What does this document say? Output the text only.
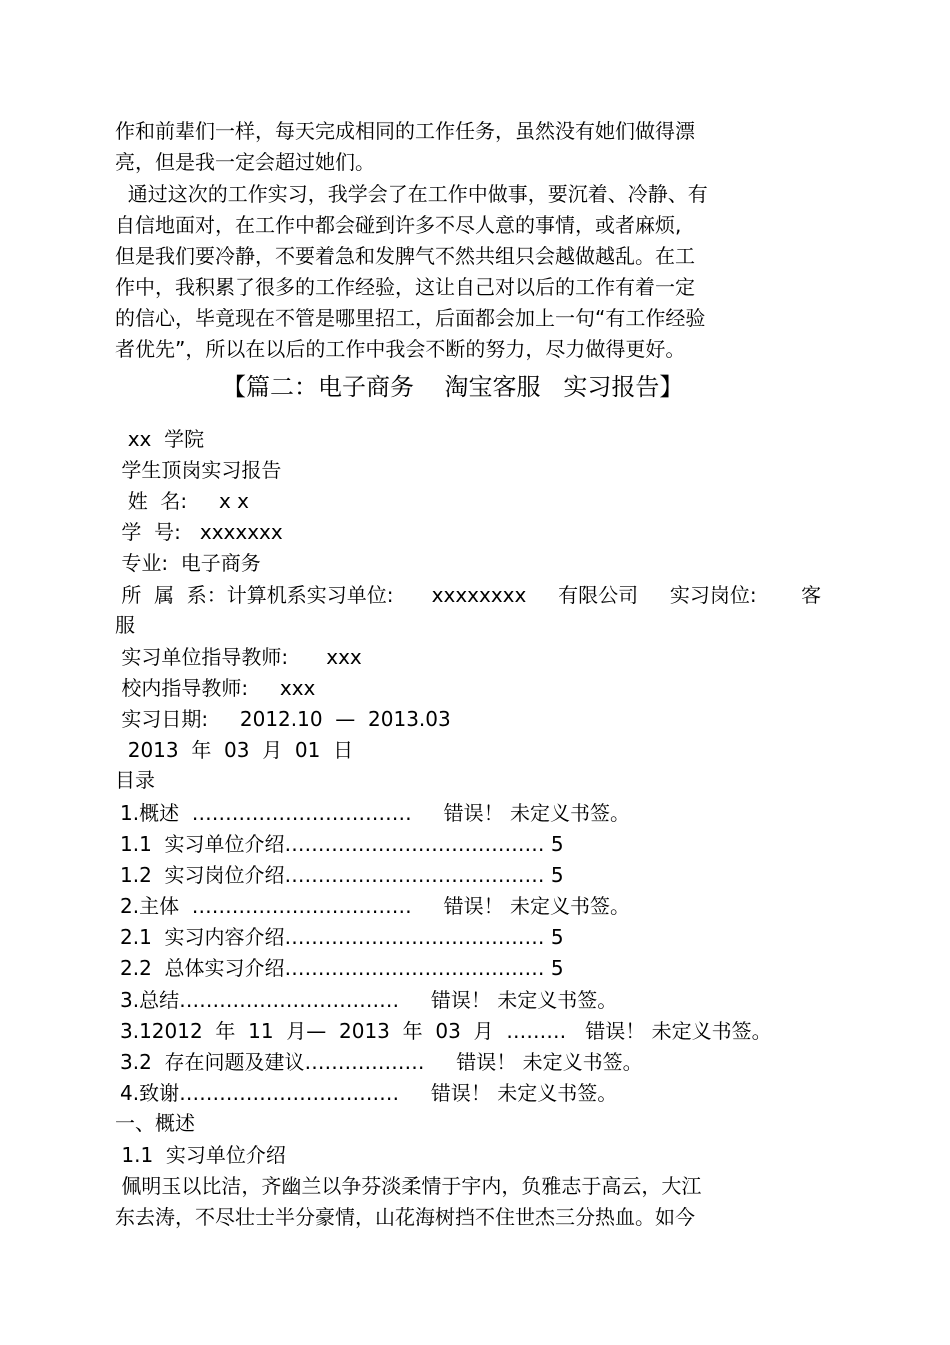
作和前辈们一样，每天完成相同的工作任务，虽然没有她们做得漂
亮，但是我一定会超过她们。
通过这次的工作实习，我学会了在工作中做事，要沉着、冷静、有
自信地面对，在工作中都会碰到许多不尽人意的事情，或者麻烦,
但是我们要冷静，不要着急和发脾气不然共组只会越做越乱。在工
作中，我积累了很多的工作经验，这让自己对以后的工作有着一定
的信心，毕竟现在不管是哪里招工，后面都会加上一句“有工作经验
者优先”，所以在以后的工作中我会不断的努力，尽力做得更好。
【篇二：电子商务    淘宝客服   实习报告】
xx  学院
学生顶岗实习报告
姓  名:     x x
学  号:   xxxxxxx
专业:  电子商务
所  属  系：计算机系实习单位:      xxxxxxxx     有限公司     实习岗位:       客
服
实习单位指导教师:      xxx
校内指导教师:     xxx
实习日期:     2012.10  —  2013.03
2013  年  03  月  01  日
目录
1.概述  ……………………………     错误！ 未定义书签。
1.1  实习单位介绍………………………………… 5
1.2  实习岗位介绍………………………………… 5
2.主体  ……………………………     错误！ 未定义书签。
2.1  实习内容介绍………………………………… 5
2.2  总体实习介绍………………………………… 5
3.总结……………………………     错误！ 未定义书签。
3.12012  年  11  月—  2013  年  03  月  ………   错误！ 未定义书签。
3.2  存在问题及建议………………     错误！ 未定义书签。
4.致谢……………………………     错误！ 未定义书签。
一、概述
1.1  实习单位介绍
佩明玉以比洁，齐幽兰以争芬淡柔情于宇内，负雅志于高云，大江
东去涛，不尽壮士半分豪情，山花海树挡不住世杰三分热血。如今
